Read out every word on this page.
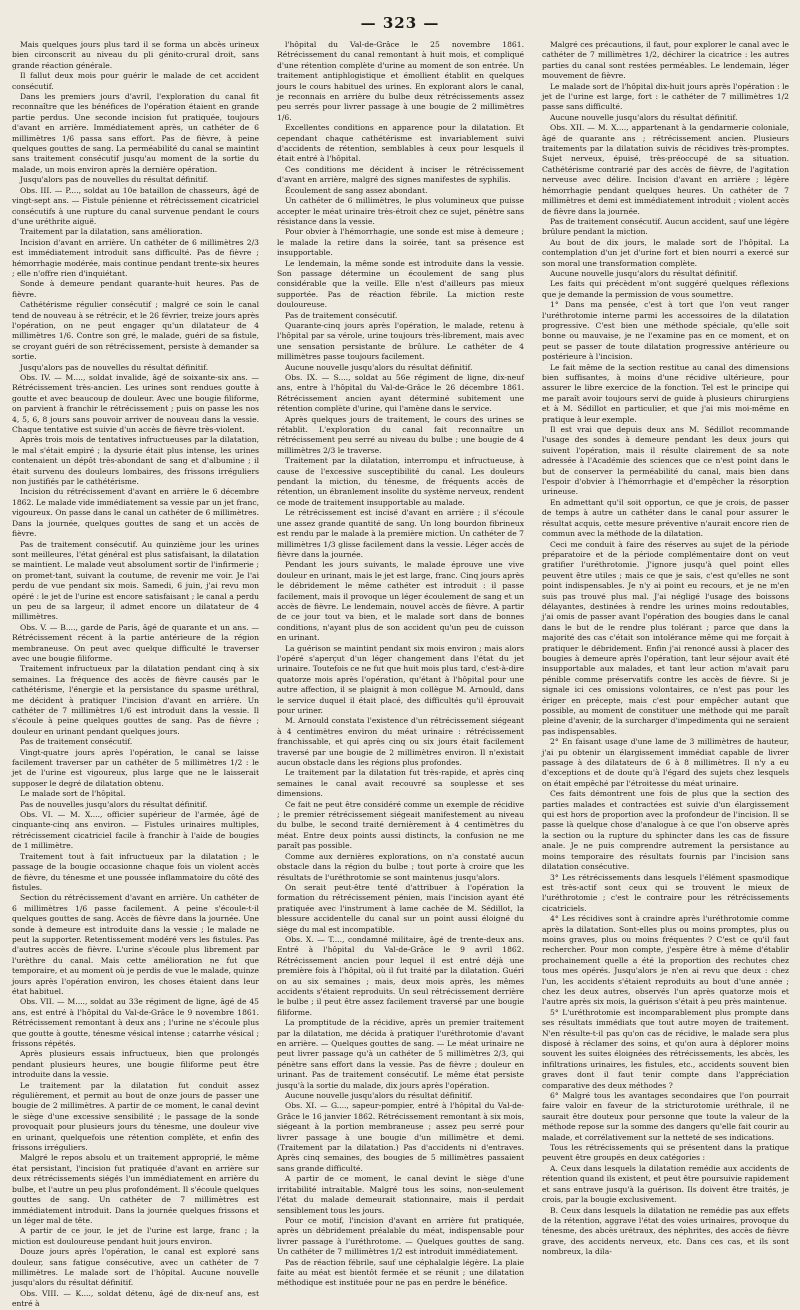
— 323 —

Mais quelques jours plus tard il se forma un abcès urineux bien circonscrit au niveau du pli génito-crural droit, sans grande réaction générale.

Il fallut deux mois pour guérir le malade de cet accident consécutif.

Dans les premiers jours d'avril, l'exploration du canal fit reconnaître que les bénéfices de l'opération étaient en grande partie perdus. Une seconde incision fut pratiquée, toujours d'avant en arrière. Immédiatement après, un cathéter de 6 millimètres 1/6 passa sans effort. Pas de fièvre, à peine quelques gouttes de sang. La perméabilité du canal se maintint sans traitement consécutif jusqu'au moment de la sortie du malade, un mois environ après la dernière opération.

Jusqu'alors pas de nouvelles du résultat définitif.

Obs. III. — P...., soldat au 10e bataillon de chasseurs, âgé de vingt-sept ans. — Fistule pénienne et rétrécissement cicatriciel consécutifs à une rupture du canal survenue pendant le cours d'une uréthrite aiguë.

Traitement par la dilatation, sans amélioration.

Incision d'avant en arrière. Un cathéter de 6 millimètres 2/3 est immédiatement introduit sans difficulté. Pas de fièvre ; hémorrhagie modérée, mais continue pendant trente-six heures ; elle n'offre rien d'inquiétant.

Sonde à demeure pendant quarante-huit heures. Pas de fièvre.

Cathétérisme régulier consécutif ; malgré ce soin le canal tend de nouveau à se rétrécir, et le 26 février, treize jours après l'opération, on ne peut engager qu'un dilatateur de 4 millimètres 1/6. Contre son gré, le malade, guéri de sa fistule, se croyant guéri de son rétrécissement, persiste à demander sa sortie.

Jusqu'alors pas de nouvelles du résultat définitif.

Obs. IV. — M...., soldat invalide, âgé de soixante-six ans. — Rétrécissement très-ancien. Les urines sont rendues goutte à goutte et avec beaucoup de douleur. Avec une bougie filiforme, on parvient à franchir le rétrécissement ; puis on passe les nos 4, 5, 6, 8 jours sans pouvoir arriver de nouveau dans la vessie. Chaque tentative est suivie d'un accès de fièvre très-violent.

Après trois mois de tentatives infructueuses par la dilatation, le mal s'était empiré ; la dysurie était plus intense, les urines contenaient un dépôt très-abondant de sang et d'albumine ; il était survenu des douleurs lombaires, des frissons irréguliers non justifiés par le cathétérisme.

Incision du rétrécissement d'avant en arrière le 6 décembre 1862. Le malade vide immédiatement sa vessie par un jet franc, vigoureux. On passe dans le canal un cathéter de 6 millimètres. Dans la journée, quelques gouttes de sang et un accès de fièvre.

Pas de traitement consécutif. Au quinzième jour les urines sont meilleures, l'état général est plus satisfaisant, la dilatation se maintient. Le malade veut absolument sortir de l'infirmerie ; on promet-tant, suivant la coutume, de revenir me voir. Je l'ai perdu de vue pendant six mois. Samedi, 6 juin, j'ai revu mon opéré : le jet de l'urine est encore satisfaisant ; le canal a perdu un peu de sa largeur, il admet encore un dilatateur de 4 millimètres.

Obs. V. — B...., garde de Paris, âgé de quarante et un ans. — Rétrécissement récent à la partie antérieure de la région membraneuse. On peut avec quelque difficulté le traverser avec une bougie filiforme.

Traitement infructueux par la dilatation pendant cinq à six semaines. La fréquence des accès de fièvre causés par le cathétérisme, l'énergie et la persistance du spasme uréthral, me décident à pratiquer l'incision d'avant en arrière. Un cathéter de 7 millimètres 1/6 est introduit dans la vessie. Il s'écoule à peine quelques gouttes de sang. Pas de fièvre ; douleur en urinant pendant quelques jours.

Pas de traitement consécutif.

Vingt-quatre jours après l'opération, le canal se laisse facilement traverser par un cathéter de 5 millimètres 1/2 : le jet de l'urine est vigoureux, plus large que ne le laisserait supposer le degré de dilatation obtenu.

Le malade sort de l'hôpital.

Pas de nouvelles jusqu'alors du résultat définitif.

Obs. VI. — M. X...., officier supérieur de l'armée, âgé de cinquante-cinq ans environ. — Fistules urinaires multiples, rétrécissement cicatriciel facile à franchir à l'aide de bougies de 1 millimètre.

Traitement tout à fait infructueux par la dilatation ; le passage de la bougie occasionne chaque fois un violent accès de fièvre, du ténesme et une poussée inflammatoire du côté des fistules.

Section du rétrécissement d'avant en arrière. Un cathéter de 6 millimètres 1/6 passe facilement. A peine s'écoule-t-il quelques gouttes de sang. Accès de fièvre dans la journée. Une sonde à demeure est introduite dans la vessie ; le malade ne peut la supporter. Retentissement modéré vers les fistules. Pas d'autres accès de fièvre. L'urine s'écoule plus librement par l'urèthre du canal. Mais cette amélioration ne fut que temporaire, et au moment où je perdis de vue le malade, quinze jours après l'opération environ, les choses étaient dans leur état habituel.

Obs. VII. — M...., soldat au 33e régiment de ligne, âgé de 45 ans, est entré à l'hôpital du Val-de-Grâce le 9 novembre 1861. Rétrécissement remontant à deux ans ; l'urine ne s'écoule plus que goutte à goutte, ténesme vésical intense ; catarrhe vésical ; frissons répétés.

Après plusieurs essais infructueux, bien que prolongés pendant plusieurs heures, une bougie filiforme peut être introduite dans la vessie.

Le traitement par la dilatation fut conduit assez régulièrement, et permit au bout de onze jours de passer une bougie de 2 millimètres. A partir de ce moment, le canal devint le siège d'une excessive sensibilité ; le passage de la sonde provoquait pour plusieurs jours du ténesme, une douleur vive en urinant, quelquefois une rétention complète, et enfin des frissons irréguliers.

Malgré le repos absolu et un traitement approprié, le même état persistant, l'incision fut pratiquée d'avant en arrière sur deux rétrécissements siégés l'un immédiatement en arrière du bulbe, et l'autre un peu plus profondément. Il s'écoule quelques gouttes de sang. Un cathéter de 7 millimètres est immédiatement introduit. Dans la journée quelques frissons et un léger mal de tête.

A partir de ce jour, le jet de l'urine est large, franc ; la miction est douloureuse pendant huit jours environ.

Douze jours après l'opération, le canal est exploré sans douleur, sans fatigue consécutive, avec un cathéter de 7 millimètres. Le malade sort de l'hôpital. Aucune nouvelle jusqu'alors du résultat définitif.

Obs. VIII. — K...., soldat détenu, âgé de dix-neuf ans, est entré à

l'hôpital du Val-de-Grâce le 25 novembre 1861. Rétrécissement du canal remontant à huit mois, et compliqué d'une rétention complète d'urine au moment de son entrée. Un traitement antiphlogistique et émollient établit en quelques jours le cours habituel des urines. En explorant alors le canal, je reconnais en arrière du bulbe deux rétrécissements assez peu serrés pour livrer passage à une bougie de 2 millimètres 1/6.

Excellentes conditions en apparence pour la dilatation. Et cependant chaque cathétérisme est invariablement suivi d'accidents de rétention, semblables à ceux pour lesquels il était entré à l'hôpital.

Ces conditions me décident à inciser le rétrécissement d'avant en arrière, malgré des signes manifestes de syphilis.

Écoulement de sang assez abondant.

Un cathéter de 6 millimètres, le plus volumineux que puisse accepter le méat urinaire très-étroit chez ce sujet, pénètre sans résistance dans la vessie.

Pour obvier à l'hémorrhagie, une sonde est mise à demeure ; le malade la retire dans la soirée, tant sa présence est insupportable.

Le lendemain, la même sonde est introduite dans la vessie. Son passage détermine un écoulement de sang plus considérable que la veille. Elle n'est d'ailleurs pas mieux supportée. Pas de réaction fébrile. La miction reste douloureuse.

Pas de traitement consécutif.

Quarante-cinq jours après l'opération, le malade, retenu à l'hôpital par sa vérole, urine toujours très-librement, mais avec une sensation persistante de brûlure. Le cathéter de 4 millimètres passe toujours facilement.

Aucune nouvelle jusqu'alors du résultat définitif.

Obs. IX. — S...., soldat au 56e régiment de ligne, dix-neuf ans, entre à l'hôpital du Val-de-Grâce le 26 décembre 1861. Rétrécissement ancien ayant déterminé subitement une rétention complète d'urine, qui l'amène dans le service.

Après quelques jours de traitement, le cours des urines se rétablit. L'exploration du canal fait reconnaître un rétrécissement peu serré au niveau du bulbe ; une bougie de 4 millimètres 2/3 le traverse.

Traitement par la dilatation, interrompu et infructueuse, à cause de l'excessive susceptibilité du canal. Les douleurs pendant la miction, du ténesme, de fréquents accès de rétention, un ébranlement insolite du système nerveux, rendent ce mode de traitement insupportable au malade.

Le rétrécissement est incisé d'avant en arrière ; il s'écoule une assez grande quantité de sang. Un long bourdon fibrineux est rendu par le malade à la première miction. Un cathéter de 7 millimètres 1/3 glisse facilement dans la vessie. Léger accès de fièvre dans la journée.

Pendant les jours suivants, le malade éprouve une vive douleur en urinant, mais le jet est large, franc. Cinq jours après le débridement le même cathéter est introduit : il passe facilement, mais il provoque un léger écoulement de sang et un accès de fièvre. Le lendemain, nouvel accès de fièvre. A partir de ce jour tout va bien, et le malade sort dans de bonnes conditions, n'ayant plus de son accident qu'un peu de cuisson en urinant.

La guérison se maintint pendant six mois environ ; mais alors l'opéré s'aperçut d'un léger changement dans l'état du jet urinaire. Toutefois ce ne fut que huit mois plus tard, c'est-à-dire quatorze mois après l'opération, qu'étant à l'hôpital pour une autre affection, il se plaignit à mon collègue M. Arnould, dans le service duquel il était placé, des difficultés qu'il éprouvait pour uriner.

M. Arnould constata l'existence d'un rétrécissement siégeant à 4 centimètres environ du méat urinaire : rétrécissement franchissable, et qui après cinq ou six jours était facilement traversé par une bougie de 2 millimètres environ. Il n'existait aucun obstacle dans les régions plus profondes.

Le traitement par la dilatation fut très-rapide, et après cinq semaines le canal avait recouvré sa souplesse et ses dimensions.

Ce fait ne peut être considéré comme un exemple de récidive ; le premier rétrécissement siégeait manifestement au niveau du bulbe, le second traité dernièrement à 4 centimètres du méat. Entre deux points aussi distincts, la confusion ne me paraît pas possible.

Comme aux dernières explorations, on n'a constaté aucun obstacle dans la région du bulbe ; tout porte à croire que les résultats de l'uréthrotomie se sont maintenus jusqu'alors.

On serait peut-être tenté d'attribuer à l'opération la formation du rétrécissement pénien, mais l'incision ayant été pratiquée avec l'instrument à lame cachée de M. Sédillot, la blessure accidentelle du canal sur un point aussi éloigné du siège du mal est incompatible.

Obs. X. — T...., condamné militaire, âgé de trente-deux ans. Entré à l'hôpital du Val-de-Grâce le 9 avril 1862. Rétrécissement ancien pour lequel il est entré déjà une première fois à l'hôpital, où il fut traité par la dilatation. Guéri on au six semaines ; mais, deux mois après, les mêmes accidents s'étaient reproduits. Un seul rétrécissement derrière le bulbe ; il peut être assez facilement traversé par une bougie filiforme.

La promptitude de la récidive, après un premier traitement par la dilatation, me décida à pratiquer l'uréthrotomie d'avant en arrière. — Quelques gouttes de sang. — Le méat urinaire ne peut livrer passage qu'à un cathéter de 5 millimètres 2/3, qui pénètre sans effort dans la vessie. Pas de fièvre ; douleur en urinant. Pas de traitement consécutif. Le même état persiste jusqu'à la sortie du malade, dix jours après l'opération.

Aucune nouvelle jusqu'alors du résultat définitif.

Obs. XI. — G...., sapeur-pompier, entré à l'hôpital du Val-de-Grâce le 16 janvier 1862. Rétrécissement remontant à six mois, siégeant à la portion membraneuse ; assez peu serré pour livrer passage à une bougie d'un millimètre et demi. (Traitement par la dilatation.) Pas d'accidents ni d'entraves. Après cinq semaines, des bougies de 5 millimètres passaient sans grande difficulté.

A partir de ce moment, le canal devint le siège d'une irritabilité intraitable. Malgré tous les soins, non-seulement l'état du malade demeurait stationnaire, mais il perdait sensiblement tous les jours.

Pour ce motif, l'incision d'avant en arrière fut pratiquée, après un débridement préalable du méat, indispensable pour livrer passage à l'uréthrotome. — Quelques gouttes de sang. Un cathéter de 7 millimètres 1/2 est introduit immédiatement.

Pas de réaction fébrile, sauf une céphalalgie légère. La plaie faite au méat est bientôt fermée et se réunit ; une dilatation méthodique est instituée pour ne pas en perdre le bénéfice.

Malgré ces précautions, il faut, pour explorer le canal avec le cathéter de 7 millimètres 1/2, déchirer la cicatrice : les autres parties du canal sont restées perméables. Le lendemain, léger mouvement de fièvre.

Le malade sort de l'hôpital dix-huit jours après l'opération : le jet de l'urine est large, fort : le cathéter de 7 millimètres 1/2 passe sans difficulté.

Aucune nouvelle jusqu'alors du résultat définitif.

Obs. XII. — M. X...., appartenant à la gendarmerie coloniale, âgé de quarante ans ; rétrécissement ancien. Plusieurs traitements par la dilatation suivis de récidives très-promptes. Sujet nerveux, épuisé, très-préoccupé de sa situation. Cathétérisme contrarié par des accès de fièvre, de l'agitation nerveuse avec délire. Incision d'avant en arrière ; légère hémorrhagie pendant quelques heures. Un cathéter de 7 millimètres et demi est immédiatement introduit ; violent accès de fièvre dans la journée.

Pas de traitement consécutif. Aucun accident, sauf une légère brûlure pendant la miction.

Au bout de dix jours, le malade sort de l'hôpital. La contemplation d'un jet d'urine fort et bien nourri a exercé sur son moral une transformation complète.

Aucune nouvelle jusqu'alors du résultat définitif.

Les faits qui précèdent m'ont suggéré quelques réflexions que je demande la permission de vous soumettre.

1° Dans ma pensée, c'est à tort que l'on veut ranger l'uréthrotomie interne parmi les accessoires de la dilatation progressive. C'est bien une méthode spéciale, qu'elle soit bonne ou mauvaise, je ne l'examine pas en ce moment, et on peut se passer de toute dilatation progressive antérieure ou postérieure à l'incision.

Le fait même de la section restitue au canal des dimensions bien suffisantes, à moins d'une récidive ultérieure, pour assurer le libre exercice de la fonction. Tel est le principe qui me paraît avoir toujours servi de guide à plusieurs chirurgiens et à M. Sédillot en particulier, et que j'ai mis moi-même en pratique à leur exemple.

Il est vrai que depuis deux ans M. Sédillot recommande l'usage des sondes à demeure pendant les deux jours qui suivent l'opération, mais il résulte clairement de sa note adressée à l'Académie des sciences que ce n'est point dans le but de conserver la perméabilité du canal, mais bien dans l'espoir d'obvier à l'hémorrhagie et d'empêcher la résorption urineuse.

En admettant qu'il soit opportun, ce que je crois, de passer de temps à autre un cathéter dans le canal pour assurer le résultat acquis, cette mesure préventive n'aurait encore rien de commun avec la méthode de la dilatation.

Ceci me conduit à faire des réserves au sujet de la période préparatoire et de la période complémentaire dont on veut gratifier l'uréthrotomie. J'ignore jusqu'à quel point elles peuvent être utiles ; mais ce que je sais, c'est qu'elles ne sont point indispensables. Je n'y ai point eu recours, et je ne m'en suis pas trouvé plus mal. J'ai négligé l'usage des boissons délayantes, destinées à rendre les urines moins redoutables, j'ai omis de passer avant l'opération des bougies dans le canal dans le but de le rendre plus tolérant ; parce que dans la majorité des cas c'était son intolérance même qui me forçait à pratiquer le débridement. Enfin j'ai renoncé aussi à placer des bougies à demeure après l'opération, tant leur séjour avait été insupportable aux malades, et tant leur action m'avait paru pénible comme préservatifs contre les accès de fièvre. Si je signale ici ces omissions volontaires, ce n'est pas pour les ériger en précepte, mais c'est pour empêcher autant que possible, au moment de constituer une méthode qui me paraît pleine d'avenir, de la surcharger d'impedimenta qui ne seraient pas indispensables.

2° En faisant usage d'une lame de 3 millimètres de hauteur, j'ai pu obtenir un élargissement immédiat capable de livrer passage à des dilatateurs de 6 à 8 millimètres. Il n'y a eu d'exceptions et de doute qu'à l'égard des sujets chez lesquels on était empêché par l'étroitesse du méat urinaire.

Ces faits démontrent une fois de plus que la section des parties malades et contractées est suivie d'un élargissement qui est hors de proportion avec la profondeur de l'incision. Il se passe là quelque chose d'analogue à ce que l'on observe après la section ou la rupture du sphincter dans les cas de fissure anale. Je ne puis comprendre autrement la persistance au moins temporaire des résultats fournis par l'incision sans dilatation consécutive.

3° Les rétrécissements dans lesquels l'élément spasmodique est très-actif sont ceux qui se trouvent le mieux de l'uréthrotomie ; c'est le contraire pour les rétrécissements cicatriciels.

4° Les récidives sont à craindre après l'uréthrotomie comme après la dilatation. Sont-elles plus ou moins promptes, plus ou moins graves, plus ou moins fréquentes ? C'est ce qu'il faut rechercher. Pour mon compte, j'espère être à même d'établir prochainement quelle a été la proportion des rechutes chez tous mes opérés. Jusqu'alors je n'en ai revu que deux : chez l'un, les accidents s'étaient reproduits au bout d'une année ; chez les deux autres, observés l'un après quatorze mois et l'autre après six mois, la guérison s'était à peu près maintenue.

5° L'uréthrotomie est incomparablement plus prompte dans ses résultats immédiats que tout autre moyen de traitement. N'en résulte-t-il pas qu'on cas de récidive, le malade sera plus disposé à réclamer des soins, et qu'on aura à déplorer moins souvent les suites éloignées des rétrécissements, les abcès, les infiltrations urinaires, les fistules, etc., accidents souvent bien graves dont il faut tenir compte dans l'appréciation comparative des deux méthodes ?

6° Malgré tous les avantages secondaires que l'on pourrait faire valoir en faveur de la stricturotomie uréthrale, il ne saurait être douteux pour personne que toute la valeur de la méthode repose sur la somme des dangers qu'elle fait courir au malade, et corrélativement sur la netteté de ses indications.

Tous les rétrécissements qui se présentent dans la pratique peuvent être groupés en deux catégories :

A. Ceux dans lesquels la dilatation remédie aux accidents de rétention quand ils existent, et peut être poursuivie rapidement et sans entrave jusqu'à la guérison. Ils doivent être traités, je crois, par la bougie exclusivement.

B. Ceux dans lesquels la dilatation ne remédie pas aux effets de la rétention, aggrave l'état des voies urinaires, provoque du ténesme, des abcès urétraux, des néphrites, des accès de fièvre grave, des accidents nerveux, etc. Dans ces cas, et ils sont nombreux, la dila-
